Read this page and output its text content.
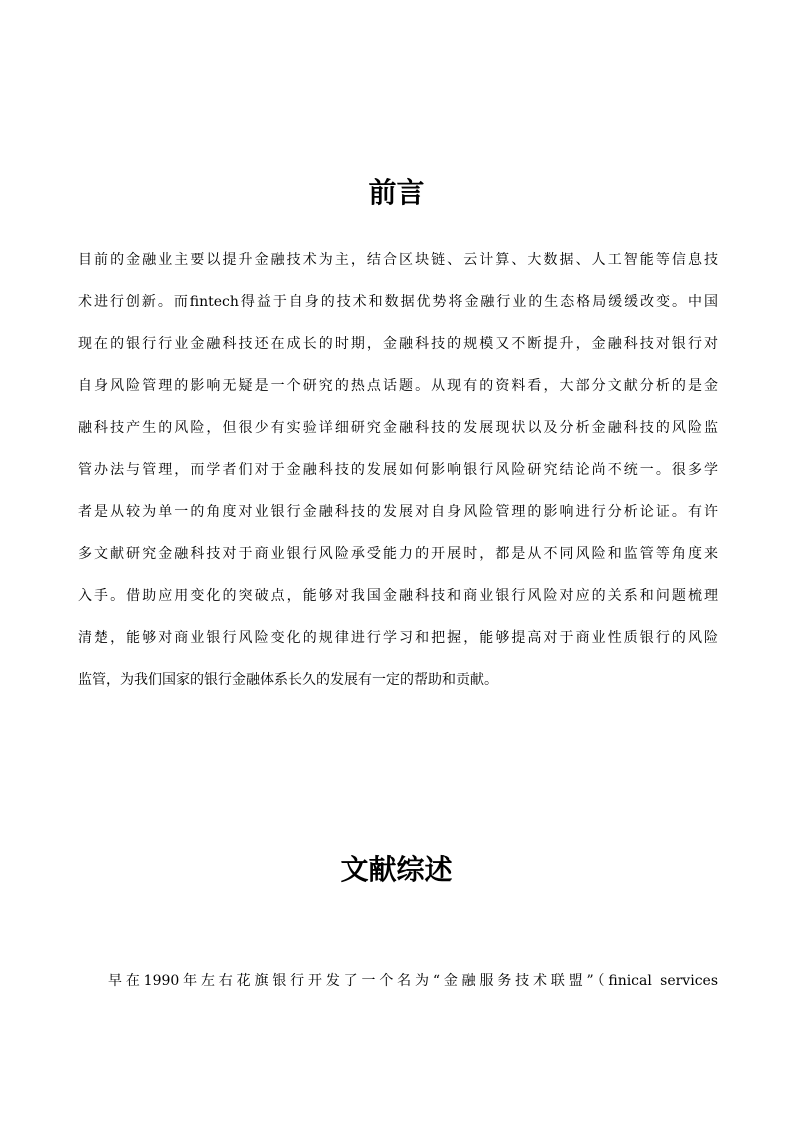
前言

目前的金融业主要以提升金融技术为主，结合区块链、云计算、大数据、人工智能等信息技

术进行创新。而fintech得益于自身的技术和数据优势将金融行业的生态格局缓缓改变。中国

现在的银行行业金融科技还在成长的时期，金融科技的规模又不断提升，金融科技对银行对

自身风险管理的影响无疑是一个研究的热点话题。从现有的资料看，大部分文献分析的是金

融科技产生的风险，但很少有实验详细研究金融科技的发展现状以及分析金融科技的风险监

管办法与管理，而学者们对于金融科技的发展如何影响银行风险研究结论尚不统一。很多学

者是从较为单一的角度对业银行金融科技的发展对自身风险管理的影响进行分析论证。有许

多文献研究金融科技对于商业银行风险承受能力的开展时，都是从不同风险和监管等角度来

入手。借助应用变化的突破点，能够对我国金融科技和商业银行风险对应的关系和问题梳理

清楚，能够对商业银行风险变化的规律进行学习和把握，能够提高对于商业性质银行的风险

监管，为我们国家的银行金融体系长久的发展有一定的帮助和贡献。

文献综述

早在1990年左右花旗银行开发了一个名为“金融服务技术联盟”（finical services
